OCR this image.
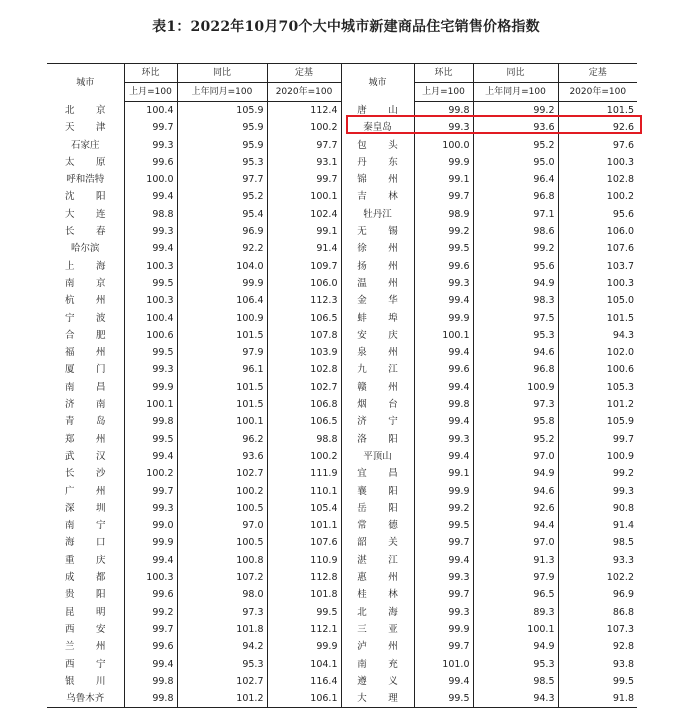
表1：2022年10月70个大中城市新建商品住宅销售价格指数
城市	环比	同比	定基	城市	环比	同比	定基
	上月=100	上年同月=100	2020年=100		上月=100	上年同月=100	2020年=100
北　京	100.4	105.9	112.4	唐　山	99.8	99.2	101.5
天　津	99.7	95.9	100.2	秦皇岛	99.3	93.6	92.6
石家庄	99.3	95.9	97.7	包　头	100.0	95.2	97.6
太　原	99.6	95.3	93.1	丹　东	99.9	95.0	100.3
呼和浩特	100.0	97.7	99.7	锦　州	99.1	96.4	102.8
沈　阳	99.4	95.2	100.1	吉　林	99.7	96.8	100.2
大　连	98.8	95.4	102.4	牡丹江	98.9	97.1	95.6
长　春	99.3	96.9	99.1	无　锡	99.2	98.6	106.0
哈尔滨	99.4	92.2	91.4	徐　州	99.5	99.2	107.6
上　海	100.3	104.0	109.7	扬　州	99.6	95.6	103.7
南　京	99.5	99.9	106.0	温　州	99.3	94.9	100.3
杭　州	100.3	106.4	112.3	金　华	99.4	98.3	105.0
宁　波	100.4	100.9	106.5	蚌　埠	99.9	97.5	101.5
合　肥	100.6	101.5	107.8	安　庆	100.1	95.3	94.3
福　州	99.5	97.9	103.9	泉　州	99.4	94.6	102.0
厦　门	99.3	96.1	102.8	九　江	99.6	96.8	100.6
南　昌	99.9	101.5	102.7	赣　州	99.4	100.9	105.3
济　南	100.1	101.5	106.8	烟　台	99.8	97.3	101.2
青　岛	99.8	100.1	106.5	济　宁	99.4	95.8	105.9
郑　州	99.5	96.2	98.8	洛　阳	99.3	95.2	99.7
武　汉	99.4	93.6	100.2	平顶山	99.4	97.0	100.9
长　沙	100.2	102.7	111.9	宜　昌	99.1	94.9	99.2
广　州	99.7	100.2	110.1	襄　阳	99.9	94.6	99.3
深　圳	99.3	100.5	105.4	岳　阳	99.2	92.6	90.8
南　宁	99.0	97.0	101.1	常　德	99.5	94.4	91.4
海　口	99.9	100.5	107.6	韶　关	99.7	97.0	98.5
重　庆	99.4	100.8	110.9	湛　江	99.4	91.3	93.3
成　都	100.3	107.2	112.8	惠　州	99.3	97.9	102.2
贵　阳	99.6	98.0	101.8	桂　林	99.7	96.5	96.9
昆　明	99.2	97.3	99.5	北　海	99.3	89.3	86.8
西　安	99.7	101.8	112.1	三　亚	99.9	100.1	107.3
兰　州	99.6	94.2	99.9	泸　州	99.7	94.9	92.8
西　宁	99.4	95.3	104.1	南　充	101.0	95.3	93.8
银　川	99.8	102.7	116.4	遵　义	99.4	98.5	99.5
乌鲁木齐	99.8	101.2	106.1	大　理	99.5	94.3	91.8
